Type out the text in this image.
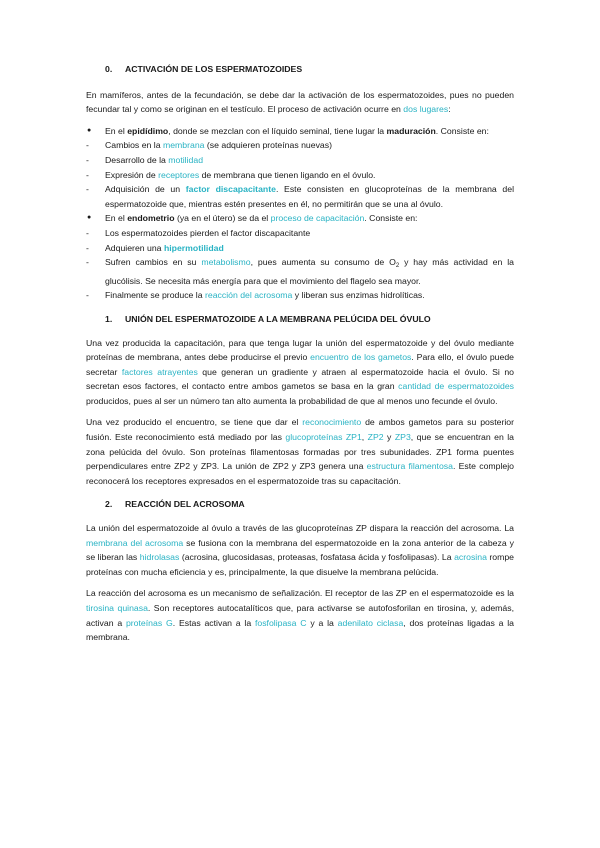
0. ACTIVACIÓN DE LOS ESPERMATOZOIDES

En mamíferos, antes de la fecundación, se debe dar la activación de los espermatozoides, pues no pueden fecundar tal y como se originan en el testículo. El proceso de activación ocurre en dos lugares:

● En el epidídimo, donde se mezclan con el líquido seminal, tiene lugar la maduración. Consiste en:
- Cambios en la membrana (se adquieren proteínas nuevas)
- Desarrollo de la motilidad
- Expresión de receptores de membrana que tienen ligando en el óvulo.
- Adquisición de un factor discapacitante. Este consisten en glucoproteínas de la membrana del espermatozoide que, mientras estén presentes en él, no permitirán que se una al óvulo.
● En el endometrio (ya en el útero) se da el proceso de capacitación. Consiste en:
- Los espermatozoides pierden el factor discapacitante
- Adquieren una hipermotilidad
- Sufren cambios en su metabolismo, pues aumenta su consumo de $O_2$ y hay más actividad en la glucólisis. Se necesita más energía para que el movimiento del flagelo sea mayor.
- Finalmente se produce la reacción del acrosoma y liberan sus enzimas hidrolíticas.
1. UNIÓN DEL ESPERMATOZOIDE A LA MEMBRANA PELÚCIDA DEL ÓVULO

Una vez producida la capacitación, para que tenga lugar la unión del espermatozoide y del óvulo mediante proteínas de membrana, antes debe producirse el previo encuentro de los gametos. Para ello, el óvulo puede secretar factores atrayentes que generan un gradiente y atraen al espermatozoide hacia el óvulo. Si no secretan esos factores, el contacto entre ambos gametos se basa en la gran cantidad de espermatozoides producidos, pues al ser un número tan alto aumenta la probabilidad de que al menos uno fecunde el óvulo.

Una vez producido el encuentro, se tiene que dar el reconocimiento de ambos gametos para su posterior fusión. Este reconocimiento está mediado por las glucoproteínas ZP1, ZP2 y ZP3, que se encuentran en la zona pelúcida del óvulo. Son proteínas filamentosas formadas por tres subunidades. ZP1 forma puentes perpendiculares entre ZP2 y ZP3. La unión de ZP2 y ZP3 genera una estructura filamentosa. Este complejo reconocerá los receptores expresados en el espermatozoide tras su capacitación.

2. REACCIÓN DEL ACROSOMA

La unión del espermatozoide al óvulo a través de las glucoproteínas ZP dispara la reacción del acrosoma. La membrana del acrosoma se fusiona con la membrana del espermatozoide en la zona anterior de la cabeza y se liberan las hidrolasas (acrosina, glucosidasas, proteasas, fosfatasa ácida y fosfolipasas). La acrosina rompe proteínas con mucha eficiencia y es, principalmente, la que disuelve la membrana pelúcida.

La reacción del acrosoma es un mecanismo de señalización. El receptor de las ZP en el espermatozoide es la tirosina quinasa. Son receptores autocatalíticos que, para activarse se autofosforilan en tirosina, y, además, activan a proteínas G. Estas activan a la fosfolipasa C y a la adenilato ciclasa, dos proteínas ligadas a la membrana.
